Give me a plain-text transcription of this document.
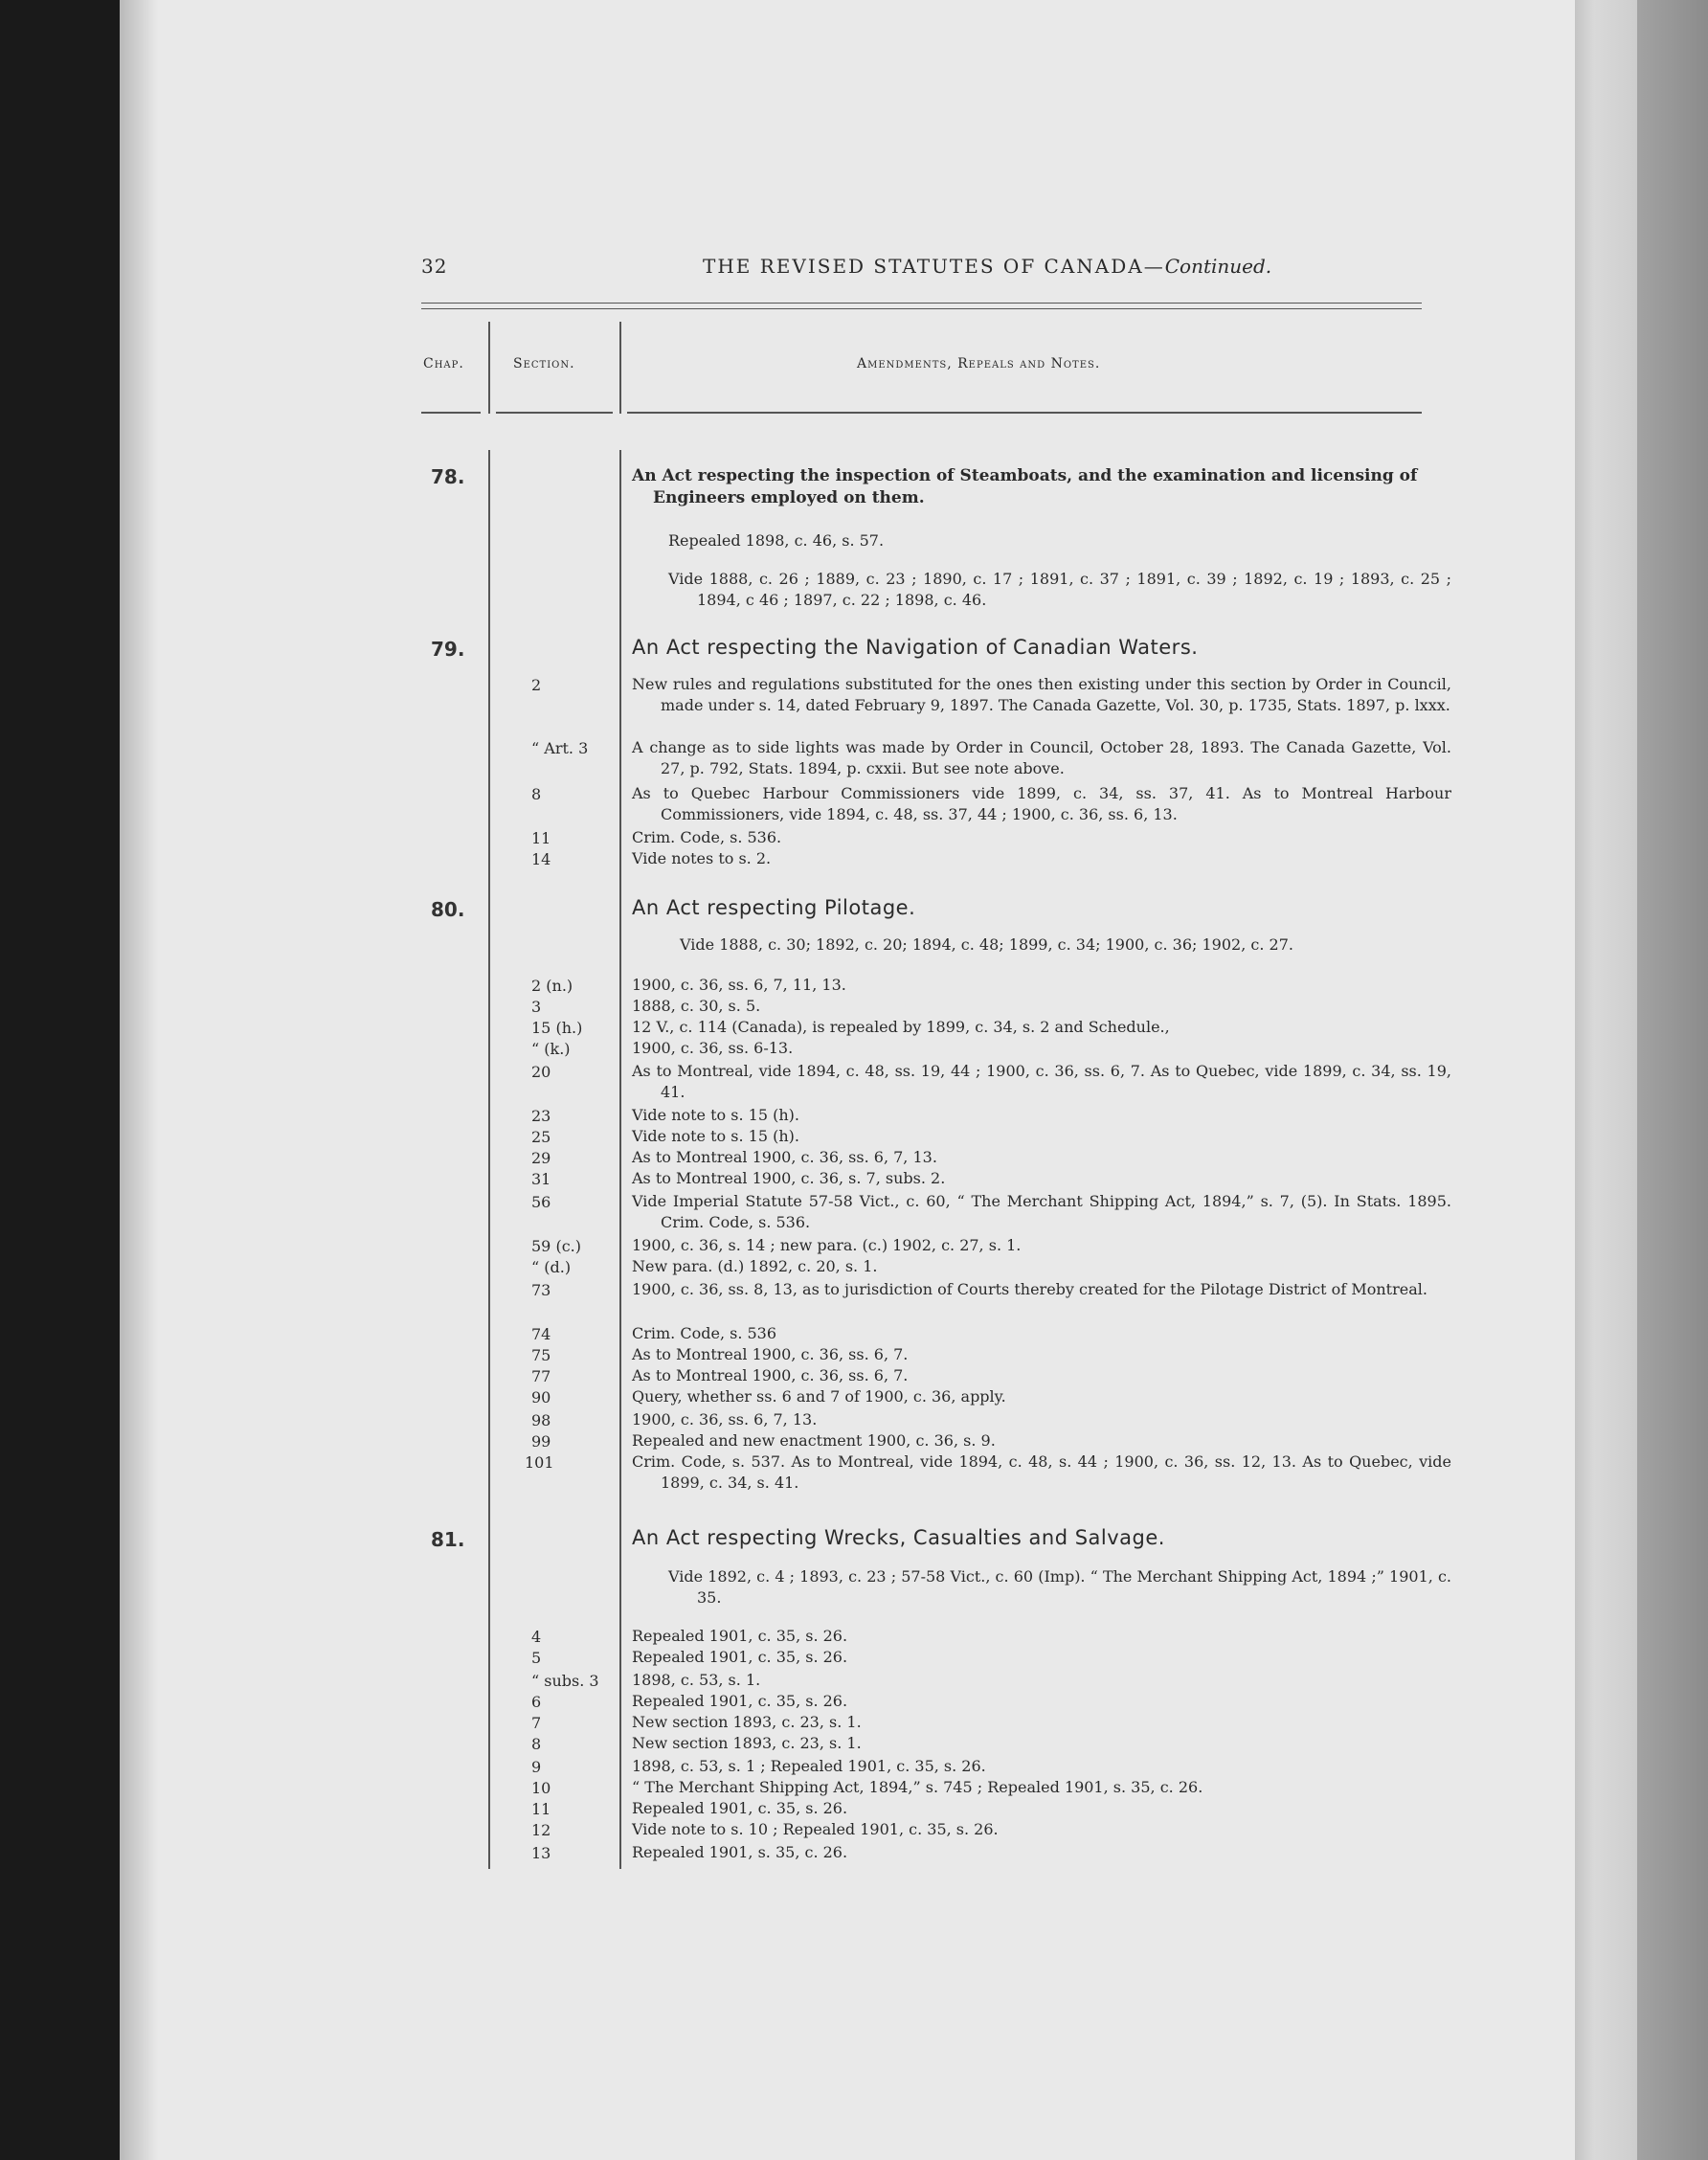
32	THE REVISED STATUTES OF CANADA—Continued.
Chap.	Section.	Amendments, Repeals and Notes.
78.	An Act respecting the inspection of Steamboats, and the examination and licensing of Engineers employed on them.
Repealed 1898, c. 46, s. 57.
Vide 1888, c. 26 ; 1889, c. 23 ; 1890, c. 17 ; 1891, c. 37 ; 1891, c. 39 ; 1892, c. 19 ; 1893, c. 25 ; 1894, c 46 ; 1897, c. 22 ; 1898, c. 46.
79.	An Act respecting the Navigation of Canadian Waters.
2	New rules and regulations substituted for the ones then existing under this section by Order in Council, made under s. 14, dated February 9, 1897. The Canada Gazette, Vol. 30, p. 1735, Stats. 1897, p. lxxx.
“ Art. 3	A change as to side lights was made by Order in Council, October 28, 1893. The Canada Gazette, Vol. 27, p. 792, Stats. 1894, p. cxxii. But see note above.
8	As to Quebec Harbour Commissioners vide 1899, c. 34, ss. 37, 41. As to Montreal Harbour Commissioners, vide 1894, c. 48, ss. 37, 44 ; 1900, c. 36, ss. 6, 13.
11	Crim. Code, s. 536.
14	Vide notes to s. 2.
80.	An Act respecting Pilotage.
Vide 1888, c. 30; 1892, c. 20; 1894, c. 48; 1899, c. 34; 1900, c. 36; 1902, c. 27.
2 (n.)	1900, c. 36, ss. 6, 7, 11, 13.
3	1888, c. 30, s. 5.
15 (h.)	12 V., c. 114 (Canada), is repealed by 1899, c. 34, s. 2 and Schedule.,
“ (k.)	1900, c. 36, ss. 6-13.
20	As to Montreal, vide 1894, c. 48, ss. 19, 44 ; 1900, c. 36, ss. 6, 7. As to Quebec, vide 1899, c. 34, ss. 19, 41.
23	Vide note to s. 15 (h).
25	Vide note to s. 15 (h).
29	As to Montreal 1900, c. 36, ss. 6, 7, 13.
31	As to Montreal 1900, c. 36, s. 7, subs. 2.
56	Vide Imperial Statute 57-58 Vict., c. 60, “ The Merchant Shipping Act, 1894,” s. 7, (5). In Stats. 1895. Crim. Code, s. 536.
59 (c.)	1900, c. 36, s. 14 ; new para. (c.) 1902, c. 27, s. 1.
“ (d.)	New para. (d.) 1892, c. 20, s. 1.
73	1900, c. 36, ss. 8, 13, as to jurisdiction of Courts thereby created for the Pilotage District of Montreal.
74	Crim. Code, s. 536
75	As to Montreal 1900, c. 36, ss. 6, 7.
77	As to Montreal 1900, c. 36, ss. 6, 7.
90	Query, whether ss. 6 and 7 of 1900, c. 36, apply.
98	1900, c. 36, ss. 6, 7, 13.
99	Repealed and new enactment 1900, c. 36, s. 9.
101	Crim. Code, s. 537. As to Montreal, vide 1894, c. 48, s. 44 ; 1900, c. 36, ss. 12, 13. As to Quebec, vide 1899, c. 34, s. 41.
81.	An Act respecting Wrecks, Casualties and Salvage.
Vide 1892, c. 4 ; 1893, c. 23 ; 57-58 Vict., c. 60 (Imp). “ The Merchant Shipping Act, 1894 ;” 1901, c. 35.
4	Repealed 1901, c. 35, s. 26.
5	Repealed 1901, c. 35, s. 26.
“ subs. 3	1898, c. 53, s. 1.
6	Repealed 1901, c. 35, s. 26.
7	New section 1893, c. 23, s. 1.
8	New section 1893, c. 23, s. 1.
9	1898, c. 53, s. 1 ; Repealed 1901, c. 35, s. 26.
10	“ The Merchant Shipping Act, 1894,” s. 745 ; Repealed 1901, s. 35, c. 26.
11	Repealed 1901, c. 35, s. 26.
12	Vide note to s. 10 ; Repealed 1901, c. 35, s. 26.
13	Repealed 1901, s. 35, c. 26.
